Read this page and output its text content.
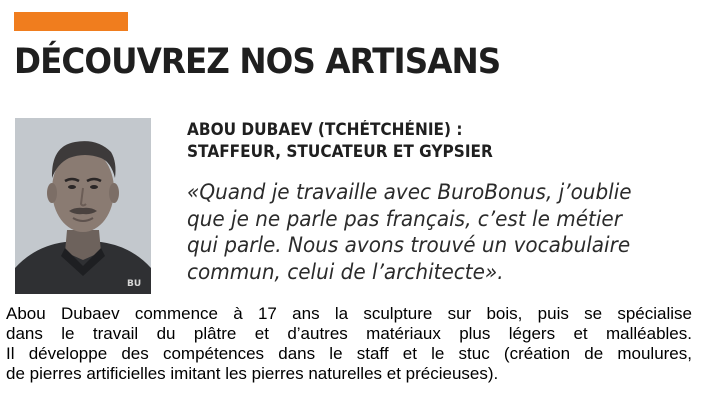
DÉCOUVREZ NOS ARTISANS
BU
ABOU DUBAEV (TCHÉTCHÉNIE) :
STAFFEUR, STUCATEUR ET GYPSIER
«Quand je travaille avec BuroBonus, j’oublie
que je ne parle pas français, c’est le métier
qui parle. Nous avons trouvé un vocabulaire
commun, celui de l’architecte».
Abou Dubaev commence à 17 ans la sculpture sur bois, puis se spécialise
dans le travail du plâtre et d’autres matériaux plus légers et malléables.
Il développe des compétences dans le staff et le stuc (création de moulures,
de pierres artificielles imitant les pierres naturelles et précieuses).
